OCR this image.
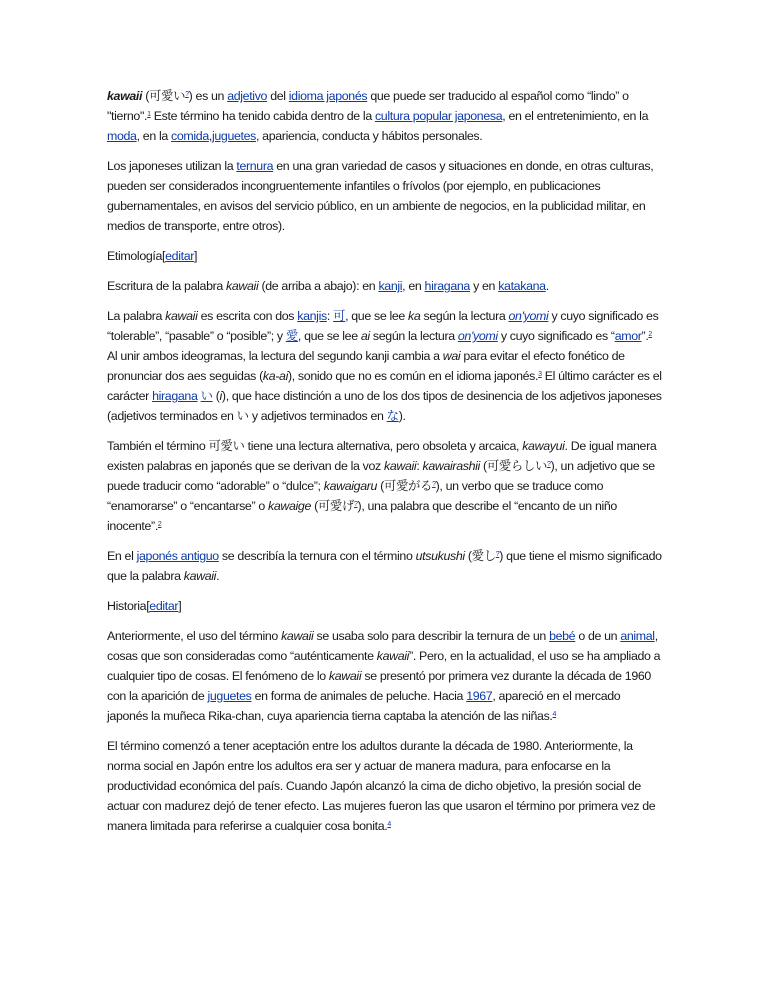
kawaii (可愛い?) es un adjetivo del idioma japonés que puede ser traducido al español como “lindo” o "tierno".$^1$ Este término ha tenido cabida dentro de la cultura popular japonesa, en el entretenimiento, en la moda, en la comida,juguetes, apariencia, conducta y hábitos personales.

Los japoneses utilizan la ternura en una gran variedad de casos y situaciones en donde, en otras culturas, pueden ser considerados incongruentemente infantiles o frívolos (por ejemplo, en publicaciones gubernamentales, en avisos del servicio público, en un ambiente de negocios, en la publicidad militar, en medios de transporte, entre otros).

Etimología[editar]

Escritura de la palabra kawaii (de arriba a abajo): en kanji, en hiragana y en katakana.

La palabra kawaii es escrita con dos kanjis: 可, que se lee ka según la lectura on'yomi y cuyo significado es “tolerable”, “pasable” o “posible”; y 愛, que se lee ai según la lectura on'yomi y cuyo significado es “amor”.$^2$ Al unir ambos ideogramas, la lectura del segundo kanji cambia a wai para evitar el efecto fonético de pronunciar dos aes seguidas (ka-ai), sonido que no es común en el idioma japonés.$^3$ El último carácter es el carácter hiragana い (i), que hace distinción a uno de los dos tipos de desinencia de los adjetivos japoneses (adjetivos terminados en い y adjetivos terminados en な).

También el término 可愛い tiene una lectura alternativa, pero obsoleta y arcaica, kawayui. De igual manera existen palabras en japonés que se derivan de la voz kawaii: kawairashii (可愛らしい?), un adjetivo que se puede traducir como “adorable” o “dulce”; kawaigaru (可愛がる?), un verbo que se traduce como “enamorarse” o “encantarse” o kawaige (可愛げ?), una palabra que describe el “encanto de un niño inocente”.$^2$

En el japonés antiguo se describía la ternura con el término utsukushi (愛し?) que tiene el mismo significado que la palabra kawaii.

Historia[editar]

Anteriormente, el uso del término kawaii se usaba solo para describir la ternura de un bebé o de un animal, cosas que son consideradas como “auténticamente kawaii”. Pero, en la actualidad, el uso se ha ampliado a cualquier tipo de cosas. El fenómeno de lo kawaii se presentó por primera vez durante la década de 1960 con la aparición de juguetes en forma de animales de peluche. Hacia 1967, apareció en el mercado japonés la muñeca Rika-chan, cuya apariencia tierna captaba la atención de las niñas.$^4$

El término comenzó a tener aceptación entre los adultos durante la década de 1980. Anteriormente, la norma social en Japón entre los adultos era ser y actuar de manera madura, para enfocarse en la productividad económica del país. Cuando Japón alcanzó la cima de dicho objetivo, la presión social de actuar con madurez dejó de tener efecto. Las mujeres fueron las que usaron el término por primera vez de manera limitada para referirse a cualquier cosa bonita.$^4$
